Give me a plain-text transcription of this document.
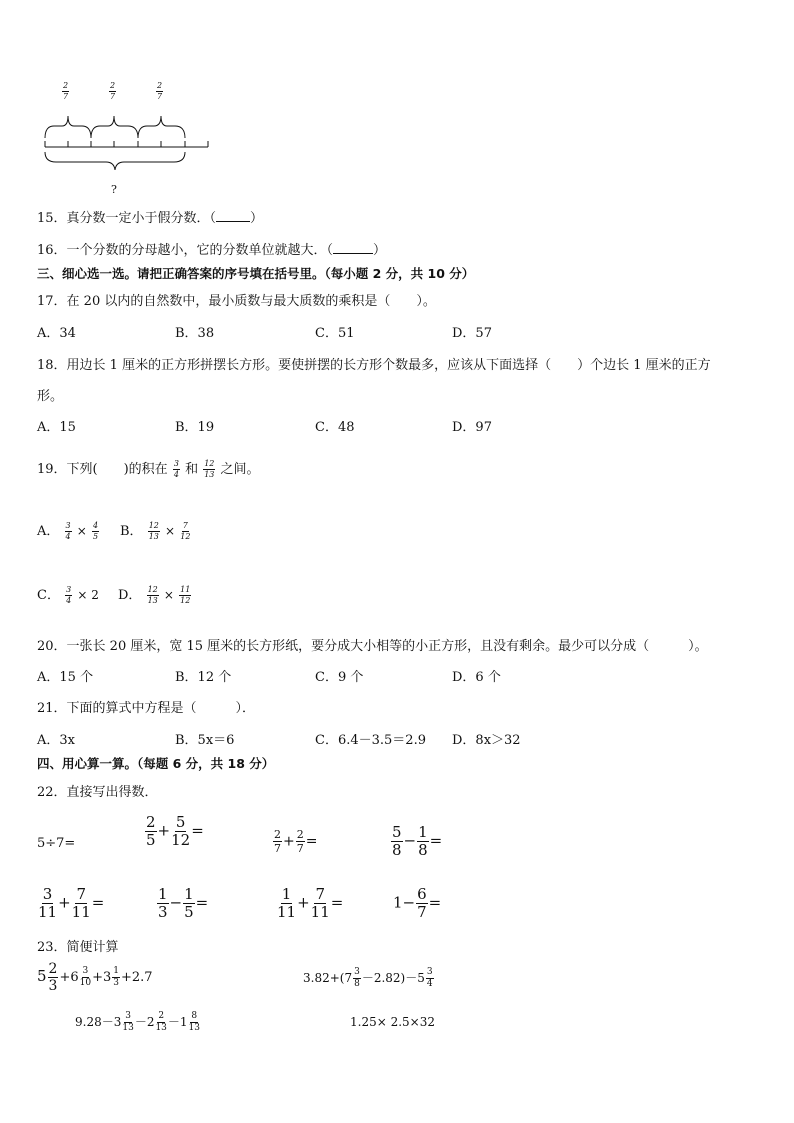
$\frac{2}{7}$	$\frac{2}{7}$	$\frac{2}{7}$
?
15．真分数一定小于假分数．（	）
16．一个分数的分母越小，它的分数单位就越大．（	）
三、细心选一选。请把正确答案的序号填在括号里。（每小题 2 分，共 10 分）
17．在 20 以内的自然数中，最小质数与最大质数的乘积是（　　）。
A．34	B．38	C．51	D．57
18．用边长 1 厘米的正方形拼摆长方形。要使拼摆的长方形个数最多，应该从下面选择（　　）个边长 1 厘米的正方
形。
A．15	B．19	C．48	D．97
19．下列(　　)的积在 $\frac{3}{4}$ 和 $\frac{12}{13}$ 之间。
A． $\frac{3}{4} \times \frac{4}{5}$ B． $\frac{12}{13} \times \frac{7}{12}$
C． $\frac{3}{4} \times 2$ D． $\frac{12}{13} \times \frac{11}{12}$
20．一张长 20 厘米，宽 15 厘米的长方形纸，要分成大小相等的小正方形，且没有剩余。最少可以分成（　　　）。
A．15 个	B．12 个	C．9 个	D．6 个
21．下面的算式中方程是（　　　）．
A．3x	B．5x＝6	C．6.4－3.5＝2.9 D．8x＞32
四、用心算一算。（每题 6 分，共 18 分）
22．直接写出得数．
5÷7=	$\frac{2}{5} + \frac{5}{12}$ =	$\frac{2}{7} + \frac{2}{7}$ =	$\frac{5}{8} - \frac{1}{8}$ =
$\frac{3}{11} + \frac{7}{11}$ =	$\frac{1}{3} - \frac{1}{5}$ =	$\frac{1}{11} + \frac{7}{11}$ =	$1- \frac{6}{7}$ =
23．简便计算
$5 \frac{2}{3} +6 \frac{3}{10} +3 \frac{1}{3} +2.7$	$3.82+(7 \frac{3}{8} -2.82)-5 \frac{3}{4}$
$9.28-3 \frac{3}{13} -2 \frac{2}{13} -1 \frac{8}{13}$	1.25× 2.5×32
